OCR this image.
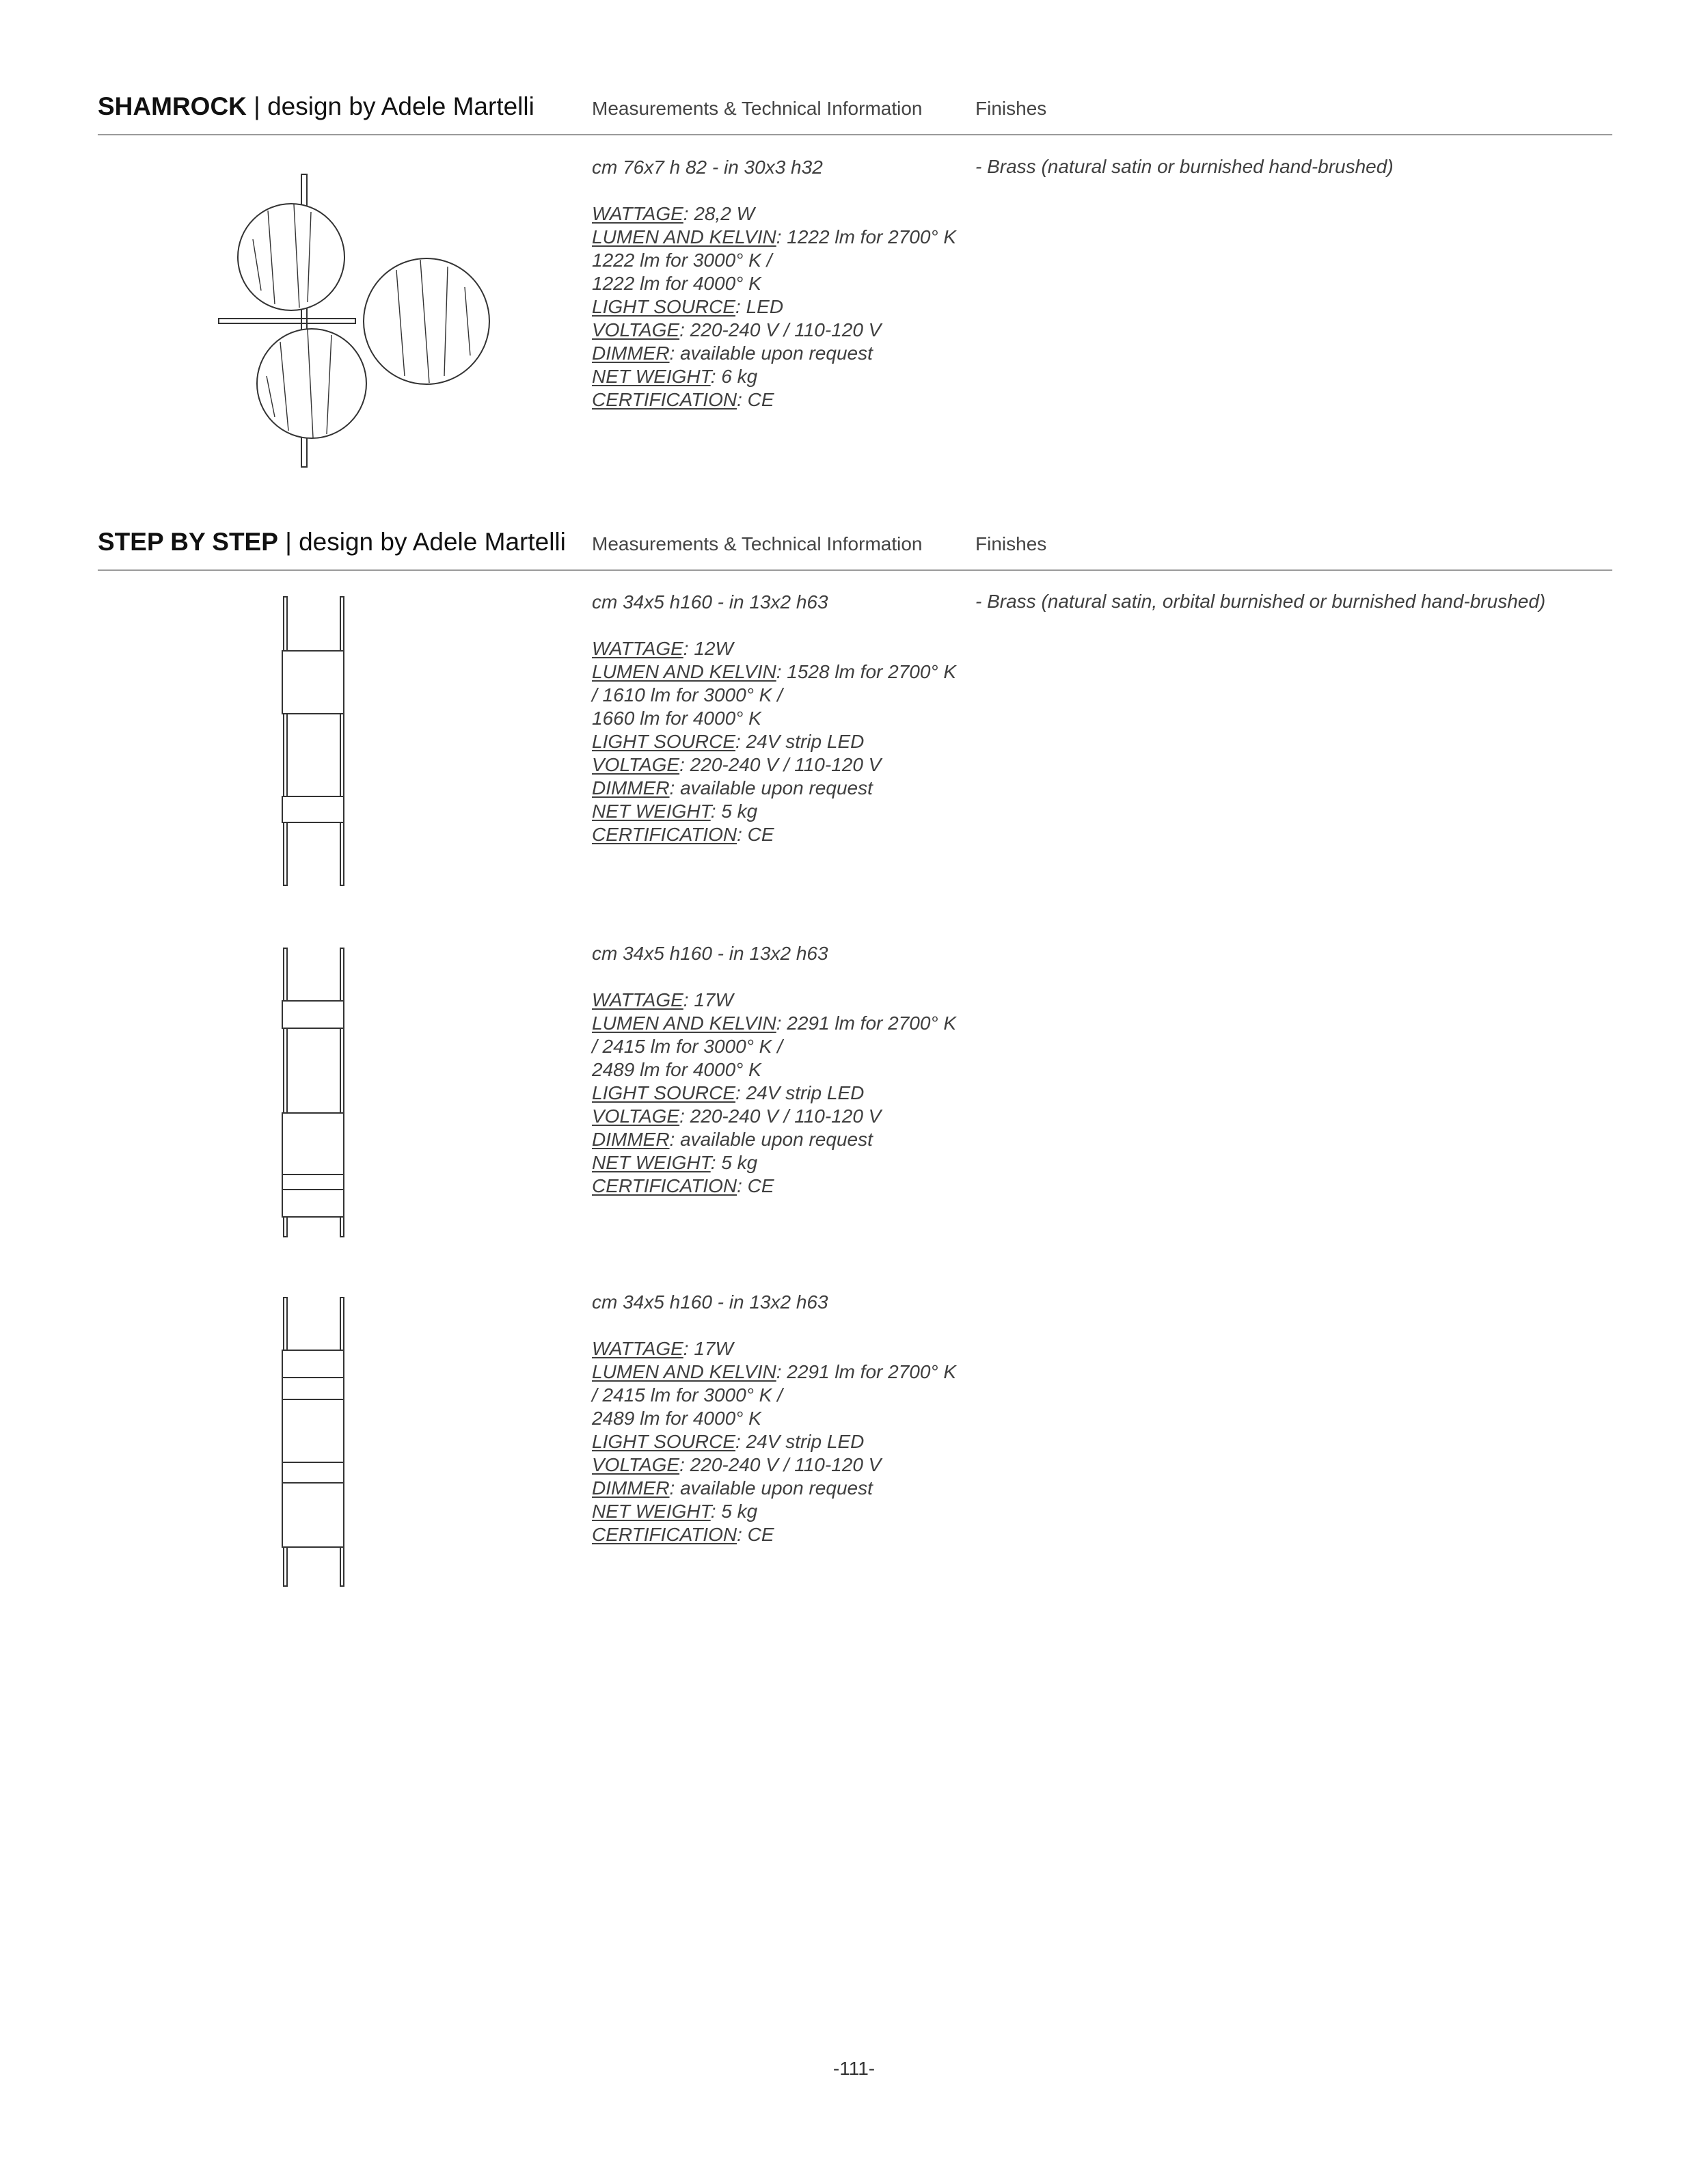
SHAMROCK | design by Adele Martelli	Measurements & Technical Information	Finishes
cm 76x7 h 82 - in 30x3 h32
WATTAGE: 28,2 W
LUMEN AND KELVIN: 1222 lm for 2700° K
1222 lm for 3000° K /
1222 lm for 4000° K
LIGHT SOURCE: LED
VOLTAGE: 220-240 V / 110-120 V
DIMMER: available upon request
NET WEIGHT: 6 kg
CERTIFICATION: CE
- Brass (natural satin or burnished hand-brushed)
STEP BY STEP | design by Adele Martelli Measurements & Technical Information	Finishes
cm 34x5 h160 - in 13x2 h63
WATTAGE: 12W
LUMEN AND KELVIN: 1528 lm for 2700° K
/ 1610 lm for 3000° K /
1660 lm for 4000° K
LIGHT SOURCE: 24V strip LED
VOLTAGE: 220-240 V / 110-120 V
DIMMER: available upon request
NET WEIGHT: 5 kg
CERTIFICATION: CE
- Brass (natural satin, orbital burnished or burnished hand-brushed)
cm 34x5 h160 - in 13x2 h63
WATTAGE: 17W
LUMEN AND KELVIN: 2291 lm for 2700° K
/ 2415 lm for 3000° K /
2489 lm for 4000° K
LIGHT SOURCE: 24V strip LED
VOLTAGE: 220-240 V / 110-120 V
DIMMER: available upon request
NET WEIGHT: 5 kg
CERTIFICATION: CE
cm 34x5 h160 - in 13x2 h63
WATTAGE: 17W
LUMEN AND KELVIN: 2291 lm for 2700° K
/ 2415 lm for 3000° K /
2489 lm for 4000° K
LIGHT SOURCE: 24V strip LED
VOLTAGE: 220-240 V / 110-120 V
DIMMER: available upon request
NET WEIGHT: 5 kg
CERTIFICATION: CE
-111-
